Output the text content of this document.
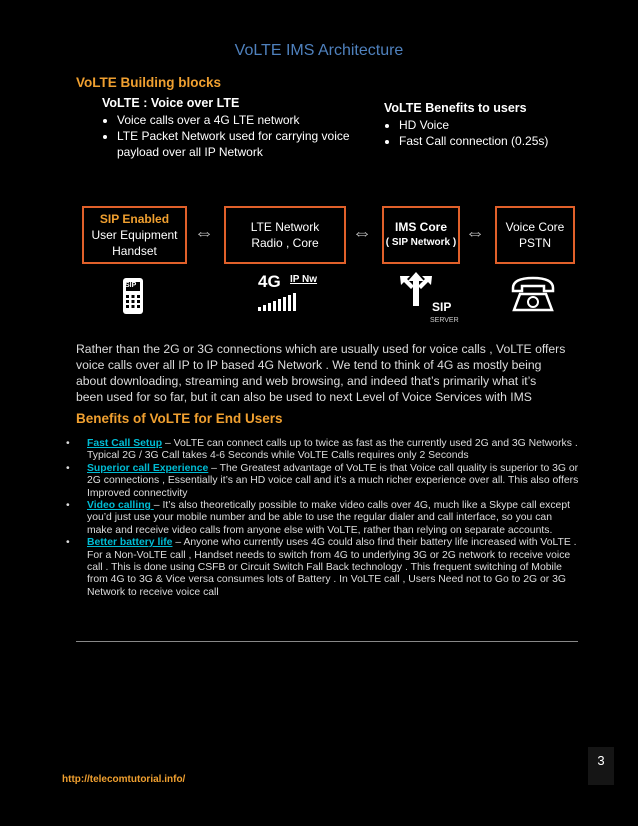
VoLTE IMS Architecture
VoLTE Building blocks
VoLTE : Voice over LTE
• Voice calls over a 4G LTE network
• LTE Packet Network used for carrying voice payload over all IP Network
VoLTE Benefits to users
• HD Voice
• Fast Call connection (0.25s)
SIP Enabled
User Equipment
Handset
⇔	LTE Network
Radio , Core	⇔	IMS Core
( SIP Network ) ⇔	Voice Core
PSTN
SIP	4G IP Nw
SIP
SERVER
Rather than the 2G or 3G connections which are usually used for voice calls , VoLTE offers voice calls over all IP to IP based 4G Network . We tend to think of 4G as mostly being about downloading, streaming and web browsing, and indeed that’s primarily what it’s been used for so far, but it can also be used to next Level of Voice Services with IMS
Benefits of VoLTE for End Users
• Fast Call Setup – VoLTE can connect calls up to twice as fast as the currently used 2G and 3G Networks . Typical 2G / 3G Call takes 4-6 Seconds while VoLTE Calls requires only 2 Seconds
• Superior call Experience – The Greatest advantage of VoLTE is that Voice call quality is superior to 3G or 2G connections , Essentially it’s an HD voice call and it’s a much richer experience over all. This also offers Improved connectivity
• Video calling – It’s also theoretically possible to make video calls over 4G, much like a Skype call except you’d just use your mobile number and be able to use the regular dialer and call interface, so you can make and receive video calls from anyone else with VoLTE, rather than relying on separate accounts.
• Better battery life – Anyone who currently uses 4G could also find their battery life increased with VoLTE . For a Non-VoLTE call , Handset needs to switch from 4G to underlying 3G or 2G network to receive voice call . This is done using CSFB or Circuit Switch Fall Back technology . This frequent switching of Mobile from 4G to 3G & Vice versa consumes lots of Battery . In VoLTE call , Users Need not to Go to 2G or 3G Network to receive voice call
3
http://telecomtutorial.info/
